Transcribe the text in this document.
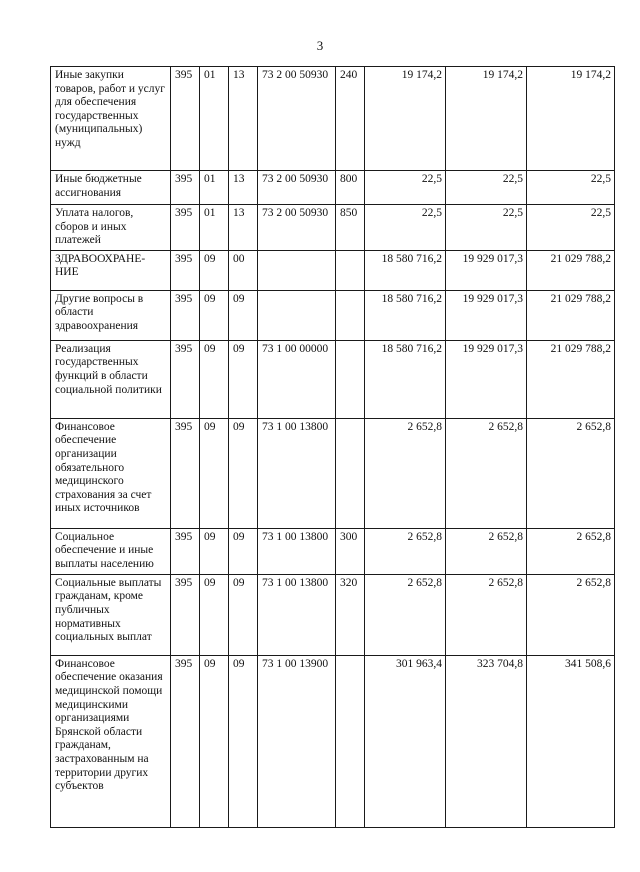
3
Иные закупки товаров, работ и услуг для обеспечения государственных (муниципальных) нужд	395	01	13	73 2 00 50930	240	19 174,2	19 174,2	19 174,2
Иные бюджетные ассигнования	395	01	13	73 2 00 50930	800	22,5	22,5	22,5
Уплата налогов, сборов и иных платежей	395	01	13	73 2 00 50930	850	22,5	22,5	22,5
ЗДРАВООХРАНЕ-НИЕ	395	09	00			18 580 716,2	19 929 017,3	21 029 788,2
Другие вопросы в области здравоохранения	395	09	09			18 580 716,2	19 929 017,3	21 029 788,2
Реализация государственных функций в области социальной политики	395	09	09	73 1 00 00000		18 580 716,2	19 929 017,3	21 029 788,2
Финансовое обеспечение организации обязательного медицинского страхования за счет иных источников	395	09	09	73 1 00 13800		2 652,8	2 652,8	2 652,8
Социальное обеспечение и иные выплаты населению	395	09	09	73 1 00 13800	300	2 652,8	2 652,8	2 652,8
Социальные выплаты гражданам, кроме публичных нормативных социальных выплат	395	09	09	73 1 00 13800	320	2 652,8	2 652,8	2 652,8
Финансовое обеспечение оказания медицинской помощи медицинскими организациями Брянской области гражданам, застрахованным на территории других субъектов	395	09	09	73 1 00 13900		301 963,4	323 704,8	341 508,6
